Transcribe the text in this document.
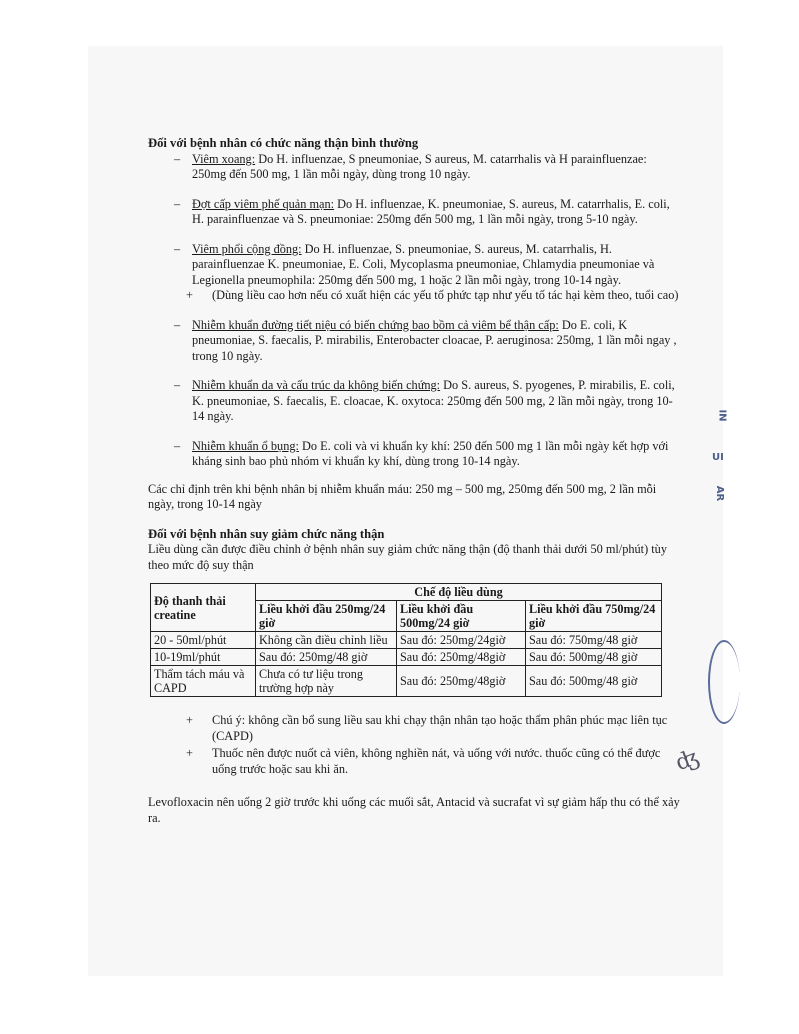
Đối với bệnh nhân có chức năng thận bình thường

– Viêm xoang: Do H. influenzae, S pneumoniae, S aureus, M. catarrhalis và H parainfluenzae: 250mg đến 500 mg, 1 lần mỗi ngày, dùng trong 10 ngày.
– Đợt cấp viêm phế quản mạn: Do H. influenzae, K. pneumoniae, S. aureus, M. catarrhalis, E. coli, H. parainfluenzae và S. pneumoniae: 250mg đến 500 mg, 1 lần mỗi ngày, trong 5-10 ngày.
– Viêm phổi cộng đồng: Do H. influenzae, S. pneumoniae, S. aureus, M. catarrhalis, H. parainfluenzae K. pneumoniae, E. Coli, Mycoplasma pneumoniae, Chlamydia pneumoniae và Legionella pneumophila: 250mg đến 500 mg, 1 hoặc 2 lần mỗi ngày, trong 10-14 ngày.
+ (Dùng liều cao hơn nếu có xuất hiện các yếu tố phức tạp như yếu tố tác hại kèm theo, tuổi cao)
– Nhiễm khuẩn đường tiết niệu có biến chứng bao bồm cả viêm bể thận cấp: Do E. coli, K pneumoniae, S. faecalis, P. mirabilis, Enterobacter cloacae, P. aeruginosa: 250mg, 1 lần mỗi ngay , trong 10 ngày.
– Nhiễm khuẩn da và cấu trúc da không biến chứng: Do S. aureus, S. pyogenes, P. mirabilis, E. coli, K. pneumoniae, S. faecalis, E. cloacae, K. oxytoca: 250mg đến 500 mg, 2 lần mỗi ngày, trong 10-14 ngày.
– Nhiễm khuẩn ổ bụng: Do E. coli và vi khuẩn ky khí: 250 đến 500 mg 1 lần mỗi ngày kết hợp với kháng sinh bao phủ nhóm vi khuẩn ky khí, dùng trong 10-14 ngày.

Các chỉ định trên khi bệnh nhân bị nhiễm khuẩn máu: 250 mg – 500 mg, 250mg đến 500 mg, 2 lần mỗi ngày, trong 10-14 ngày

Đối với bệnh nhân suy giảm chức năng thận

Liều dùng cần được điều chỉnh ở bệnh nhân suy giảm chức năng thận (độ thanh thải dưới 50 ml/phút) tùy theo mức độ suy thận

Độ thanh thải creatine	Chế độ liều dùng		
	Liều khởi đầu 250mg/24 giờ	Liều khởi đầu 500mg/24 giờ	Liều khởi đầu 750mg/24 giờ
20 - 50ml/phút	Không cần điều chỉnh liều	Sau đó: 250mg/24giờ	Sau đó: 750mg/48 giờ
10-19ml/phút	Sau đó: 250mg/48 giờ	Sau đó: 250mg/48giờ	Sau đó: 500mg/48 giờ
Thẩm tách máu và CAPD	Chưa có tư liệu trong trường hợp này	Sau đó: 250mg/48giờ	Sau đó: 500mg/48 giờ
+ Chú ý: không cần bổ sung liều sau khi chạy thận nhân tạo hoặc thẩm phân phúc mạc liên tục (CAPD)
+ Thuốc nên được nuốt cả viên, không nghiền nát, và uống với nước. thuốc cũng có thể được uống trước hoặc sau khi ăn.

Levofloxacin nên uống 2 giờ trước khi uống các muối sắt, Antacid và sucrafat vì sự giảm hấp thu có thể xảy ra.

IN
UI
AR
ʤ
